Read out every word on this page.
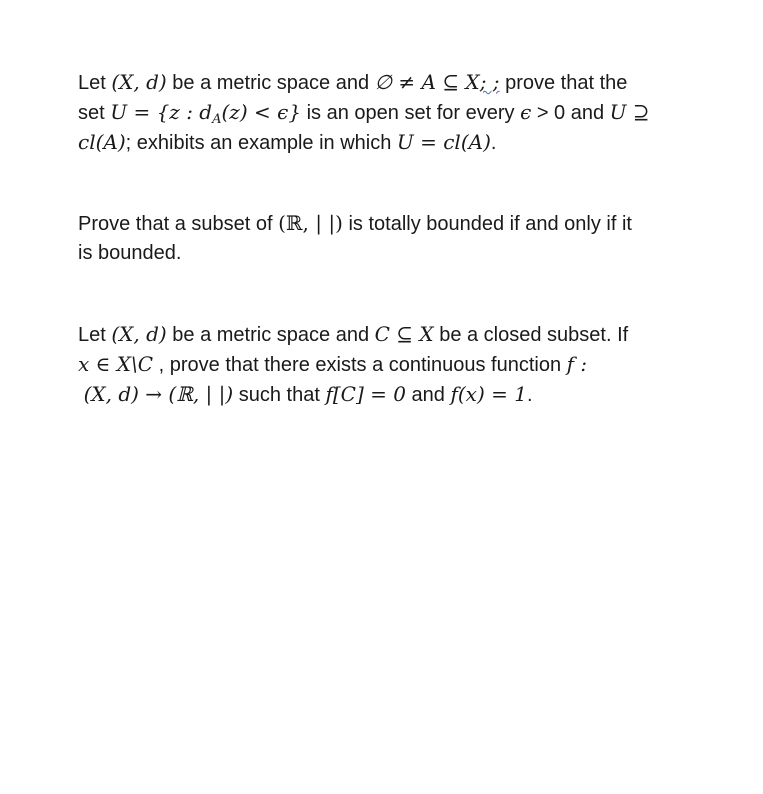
Let (X, d) be a metric space and ∅ ≠ A ⊆ X; ; prove that the
set U = {z : $d_A(z) < \epsilon$} is an open set for every ϵ > 0 and U ⊇
cl(A); exhibits an example in which U = cl(A).
Prove that a subset of (ℝ, | |) is totally bounded if and only if it
is bounded.
Let (X, d) be a metric space and C ⊆ X be a closed subset. If
x ∈ X\C , prove that there exists a continuous function f :
(X, d) → (ℝ, | |) such that f[C] = 0 and f(x) = 1.
